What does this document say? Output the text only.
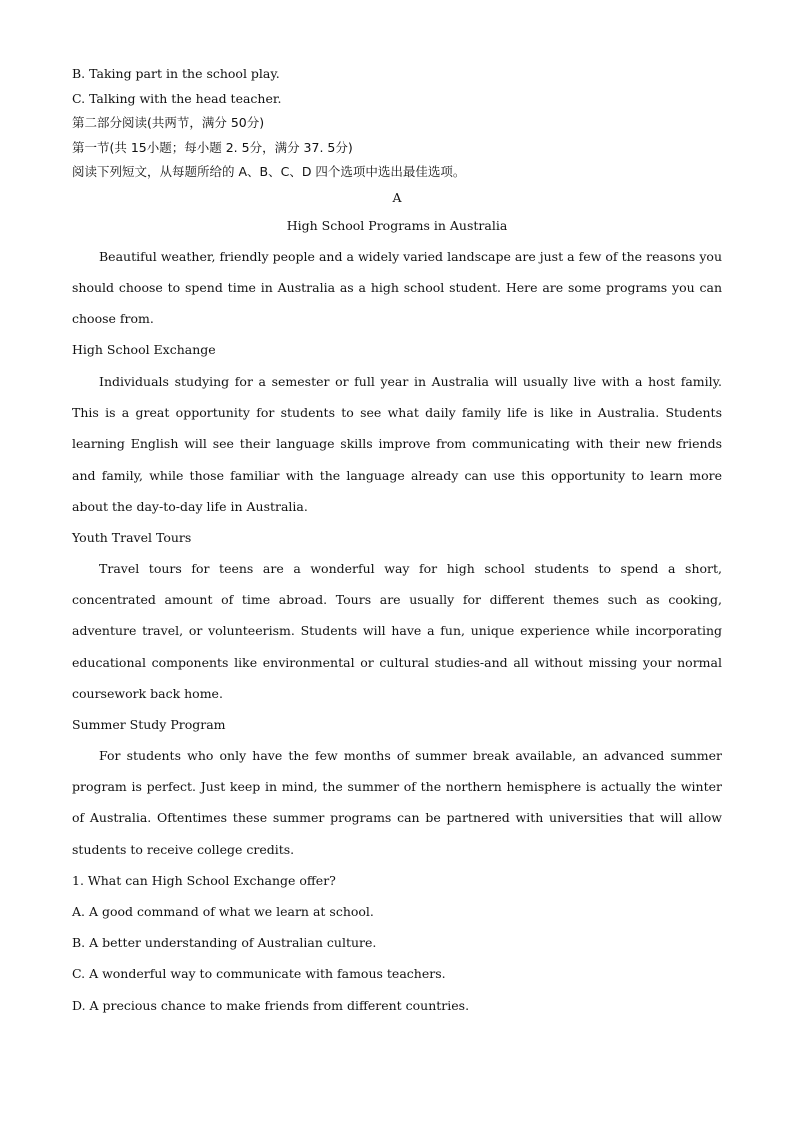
B. Taking part in the school play.
C. Talking with the head teacher.
第二部分阅读(共两节，满分 50分)
第一节(共 15小题；每小题 2. 5分，满分 37. 5分)
阅读下列短文，从每题所给的 A、B、C、D 四个选项中选出最佳选项。
A
High School Programs in Australia

Beautiful weather, friendly people and a widely varied landscape are just a few of the reasons you should choose to spend time in Australia as a high school student. Here are some programs you can choose from.

High School Exchange

Individuals studying for a semester or full year in Australia will usually live with a host family. This is a great opportunity for students to see what daily family life is like in Australia. Students learning English will see their language skills improve from communicating with their new friends and family, while those familiar with the language already can use this opportunity to learn more about the day-to-day life in Australia.

Youth Travel Tours

Travel tours for teens are a wonderful way for high school students to spend a short, concentrated amount of time abroad. Tours are usually for different themes such as cooking, adventure travel, or volunteerism. Students will have a fun, unique experience while incorporating educational components like environmental or cultural studies-and all without missing your normal coursework back home.

Summer Study Program

For students who only have the few months of summer break available, an advanced summer program is perfect. Just keep in mind, the summer of the northern hemisphere is actually the winter of Australia. Oftentimes these summer programs can be partnered with universities that will allow students to receive college credits.

1. What can High School Exchange offer?
A. A good command of what we learn at school.
B. A better understanding of Australian culture.
C. A wonderful way to communicate with famous teachers.
D. A precious chance to make friends from different countries.
